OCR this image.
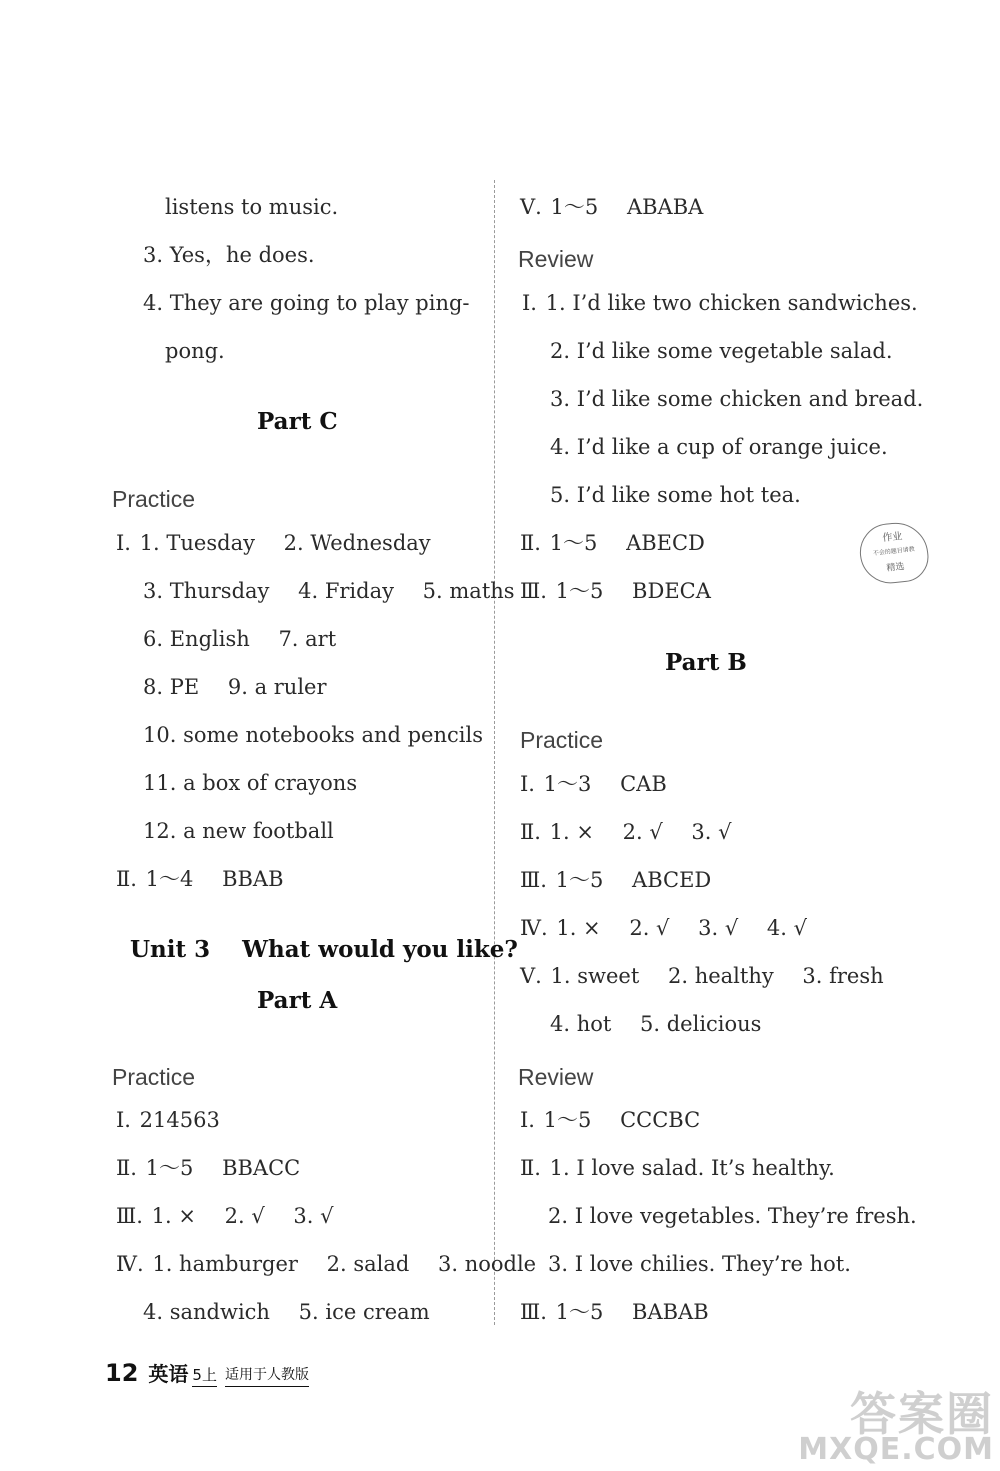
listens to music.
3. Yes，he does.
4. They are going to play ping-
pong.
Part C
Practice
Ⅰ. 1. Tuesday 2. Wednesday
3. Thursday 4. Friday 5. maths
6. English 7. art
8. PE 9. a ruler
10. some notebooks and pencils
11. a box of crayons
12. a new football
Ⅱ. 1～4 BBAB
Unit 3    What would you like?
Part A
Practice
Ⅰ. 214563
Ⅱ. 1～5 BBACC
Ⅲ. 1. × 2. √ 3. √
Ⅳ. 1. hamburger 2. salad 3. noodle
4. sandwich 5. ice cream
Ⅴ. 1～5 ABABA
Review
Ⅰ. 1. I’d like two chicken sandwiches.
2. I’d like some vegetable salad.
3. I’d like some chicken and bread.
4. I’d like a cup of orange juice.
5. I’d like some hot tea.
Ⅱ. 1～5 ABECD
Ⅲ. 1～5 BDECA
Part B
Practice
Ⅰ. 1～3 CAB
Ⅱ. 1. × 2. √ 3. √
Ⅲ. 1～5 ABCED
Ⅳ. 1. × 2. √ 3. √ 4. √
Ⅴ. 1. sweet 2. healthy 3. fresh
4. hot 5. delicious
Review
Ⅰ. 1～5 CCCBC
Ⅱ. 1. I love salad. It’s healthy.
2. I love vegetables. They’re fresh.
3. I love chilies. They’re hot.
Ⅲ. 1～5 BABAB
作业
不会的题目请教
精选
12 英语 5上 适用于人教版
答案圈
MXQE.COM
